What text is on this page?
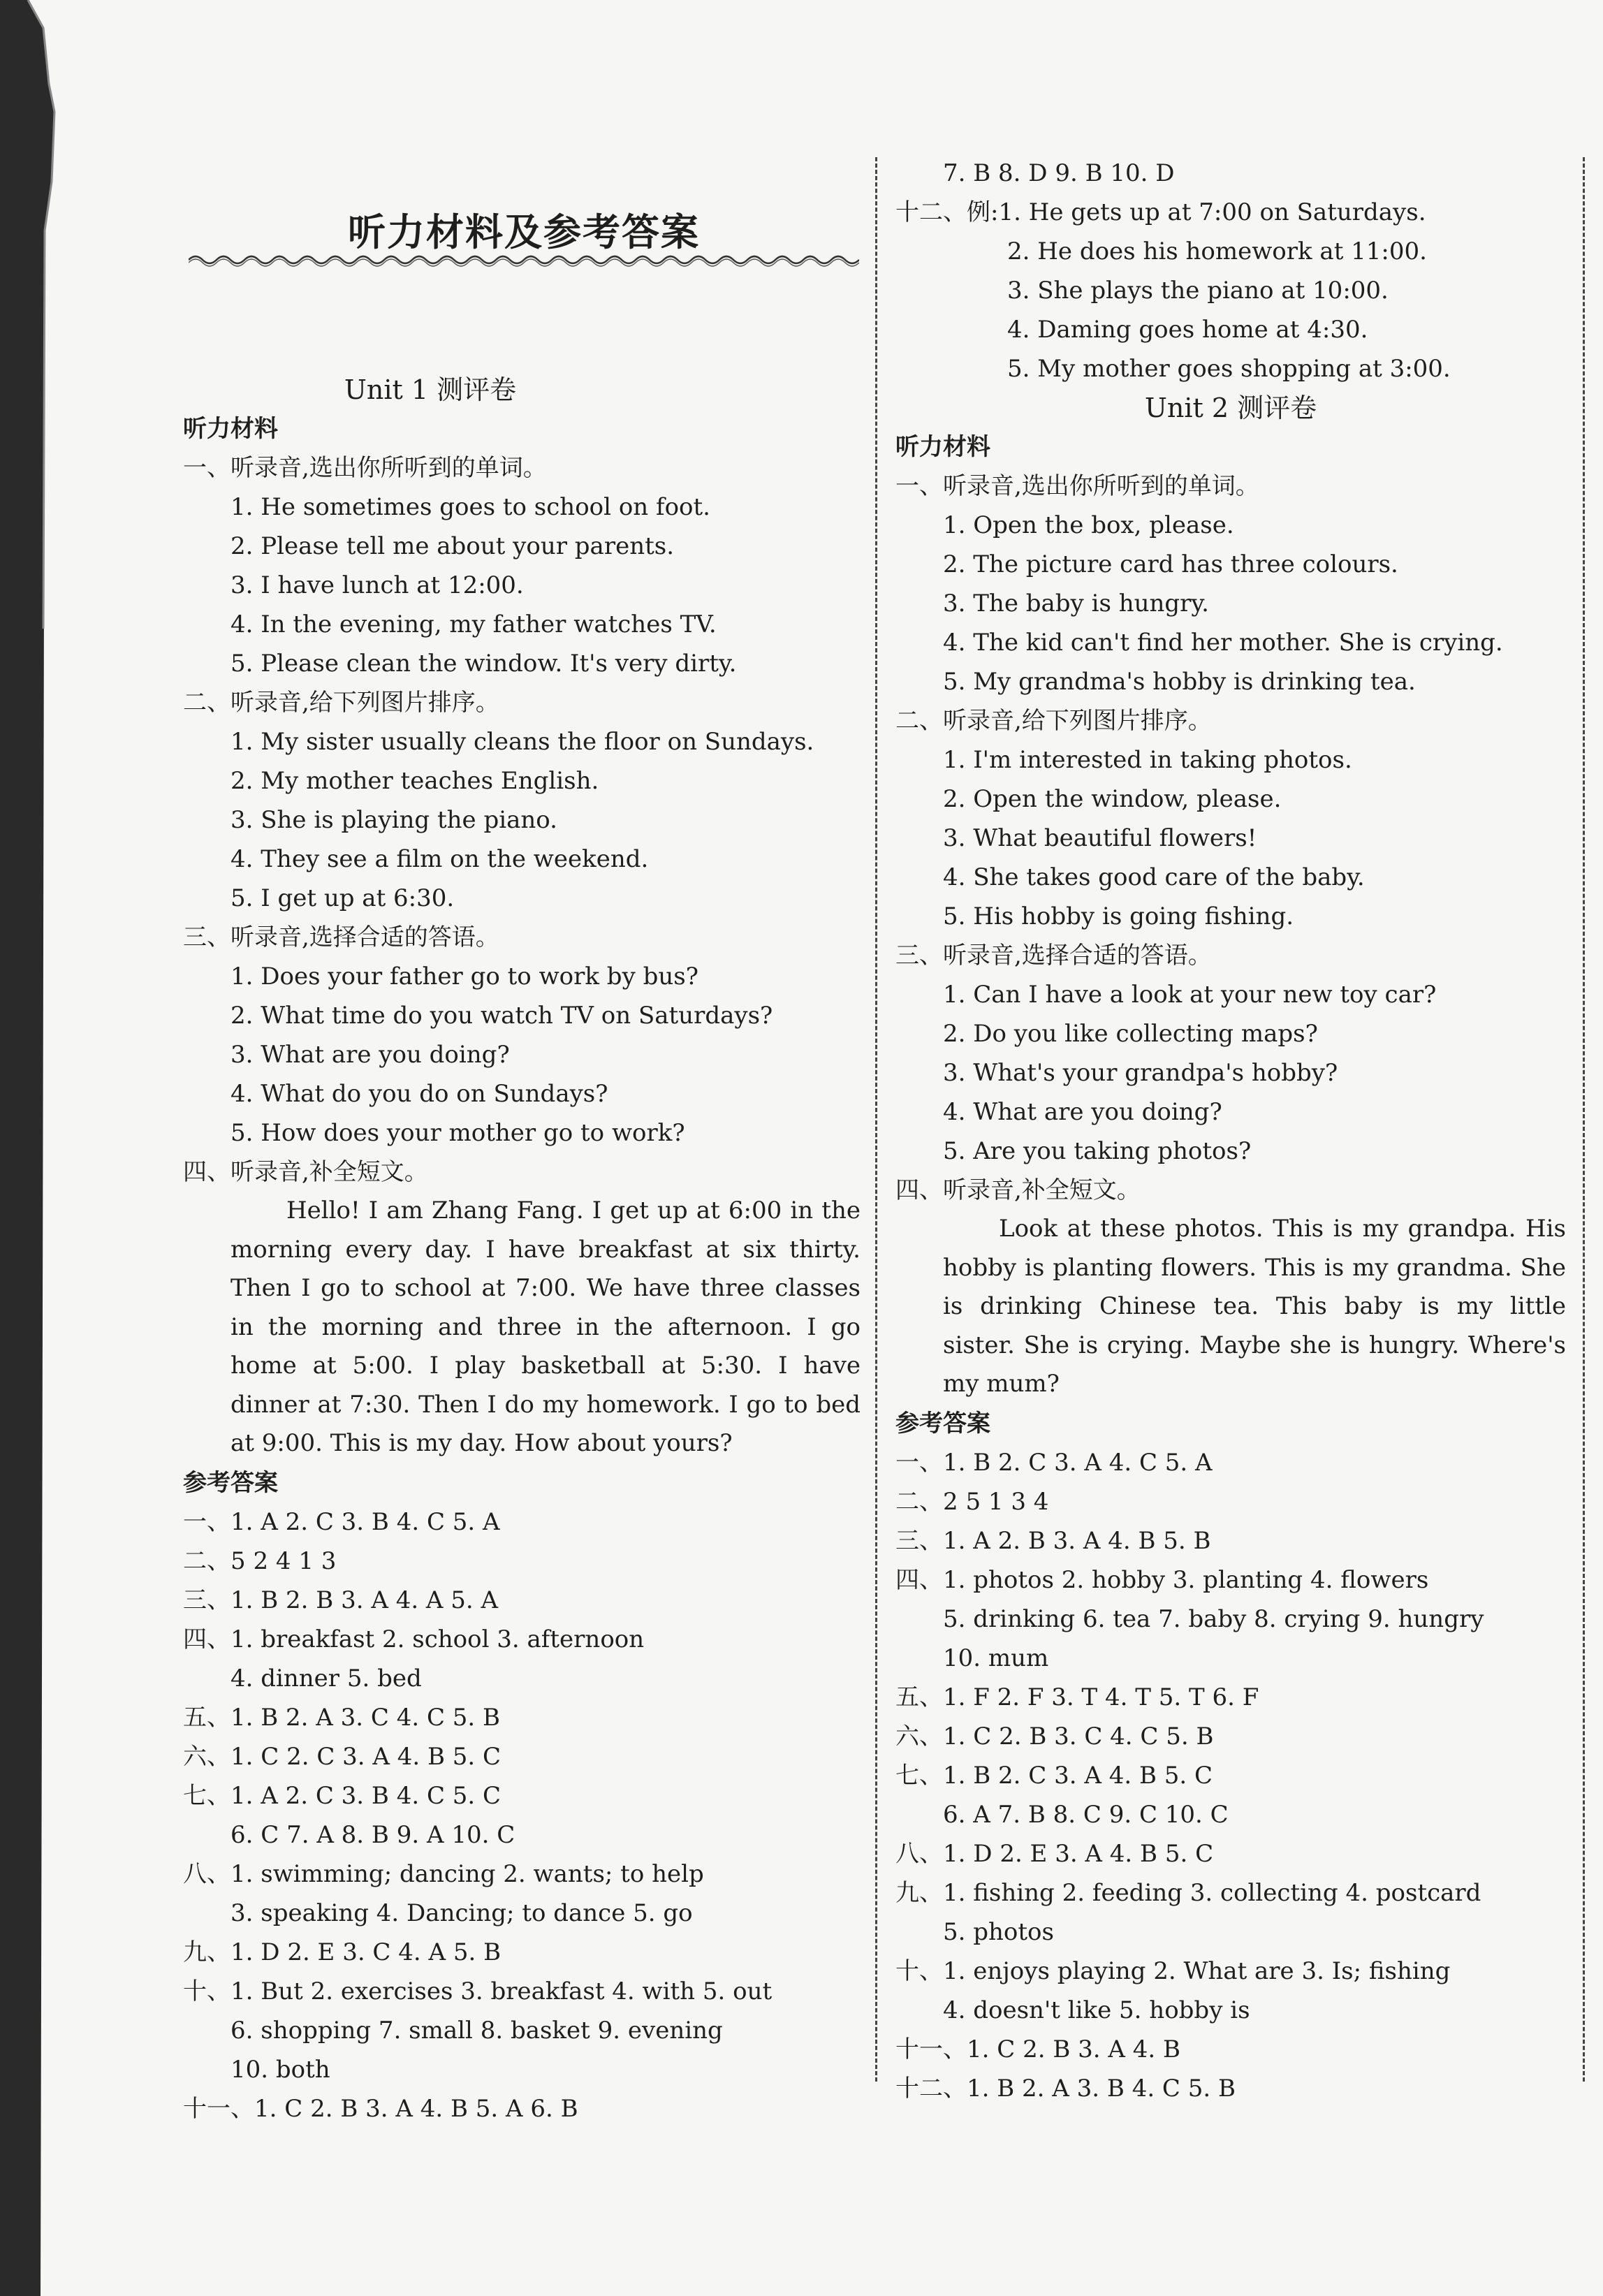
听力材料及参考答案
Unit 1 测评卷
听力材料
一、听录音,选出你所听到的单词。
1. He sometimes goes to school on foot.
2. Please tell me about your parents.
3. I have lunch at 12:00.
4. In the evening, my father watches TV.
5. Please clean the window. It's very dirty.
二、听录音,给下列图片排序。
1. My sister usually cleans the floor on Sundays.
2. My mother teaches English.
3. She is playing the piano.
4. They see a film on the weekend.
5. I get up at 6:30.
三、听录音,选择合适的答语。
1. Does your father go to work by bus?
2. What time do you watch TV on Saturdays?
3. What are you doing?
4. What do you do on Sundays?
5. How does your mother go to work?
四、听录音,补全短文。
Hello! I am Zhang Fang. I get up at 6:00 in the morning every day. I have breakfast at six thirty. Then I go to school at 7:00. We have three classes in the morning and three in the afternoon. I go home at 5:00. I play basketball at 5:30. I have dinner at 7:30. Then I do my homework. I go to bed at 9:00. This is my day. How about yours?
参考答案
一、1. A 2. C 3. B 4. C 5. A
二、5 2 4 1 3
三、1. B 2. B 3. A 4. A 5. A
四、1. breakfast 2. school 3. afternoon
4. dinner 5. bed
五、1. B 2. A 3. C 4. C 5. B
六、1. C 2. C 3. A 4. B 5. C
七、1. A 2. C 3. B 4. C 5. C
6. C 7. A 8. B 9. A 10. C
八、1. swimming; dancing 2. wants; to help
3. speaking 4. Dancing; to dance 5. go
九、1. D 2. E 3. C 4. A 5. B
十、1. But 2. exercises 3. breakfast 4. with 5. out
6. shopping 7. small 8. basket 9. evening
10. both
十一、1. C 2. B 3. A 4. B 5. A 6. B
7. B 8. D 9. B 10. D
十二、例:1. He gets up at 7:00 on Saturdays.
2. He does his homework at 11:00.
3. She plays the piano at 10:00.
4. Daming goes home at 4:30.
5. My mother goes shopping at 3:00.
Unit 2 测评卷
听力材料
一、听录音,选出你所听到的单词。
1. Open the box, please.
2. The picture card has three colours.
3. The baby is hungry.
4. The kid can't find her mother. She is crying.
5. My grandma's hobby is drinking tea.
二、听录音,给下列图片排序。
1. I'm interested in taking photos.
2. Open the window, please.
3. What beautiful flowers!
4. She takes good care of the baby.
5. His hobby is going fishing.
三、听录音,选择合适的答语。
1. Can I have a look at your new toy car?
2. Do you like collecting maps?
3. What's your grandpa's hobby?
4. What are you doing?
5. Are you taking photos?
四、听录音,补全短文。
Look at these photos. This is my grandpa. His hobby is planting flowers. This is my grandma. She is drinking Chinese tea. This baby is my little sister. She is crying. Maybe she is hungry. Where's my mum?
参考答案
一、1. B 2. C 3. A 4. C 5. A
二、2 5 1 3 4
三、1. A 2. B 3. A 4. B 5. B
四、1. photos 2. hobby 3. planting 4. flowers
5. drinking 6. tea 7. baby 8. crying 9. hungry
10. mum
五、1. F 2. F 3. T 4. T 5. T 6. F
六、1. C 2. B 3. C 4. C 5. B
七、1. B 2. C 3. A 4. B 5. C
6. A 7. B 8. C 9. C 10. C
八、1. D 2. E 3. A 4. B 5. C
九、1. fishing 2. feeding 3. collecting 4. postcard
5. photos
十、1. enjoys playing 2. What are 3. Is; fishing
4. doesn't like 5. hobby is
十一、1. C 2. B 3. A 4. B
十二、1. B 2. A 3. B 4. C 5. B
